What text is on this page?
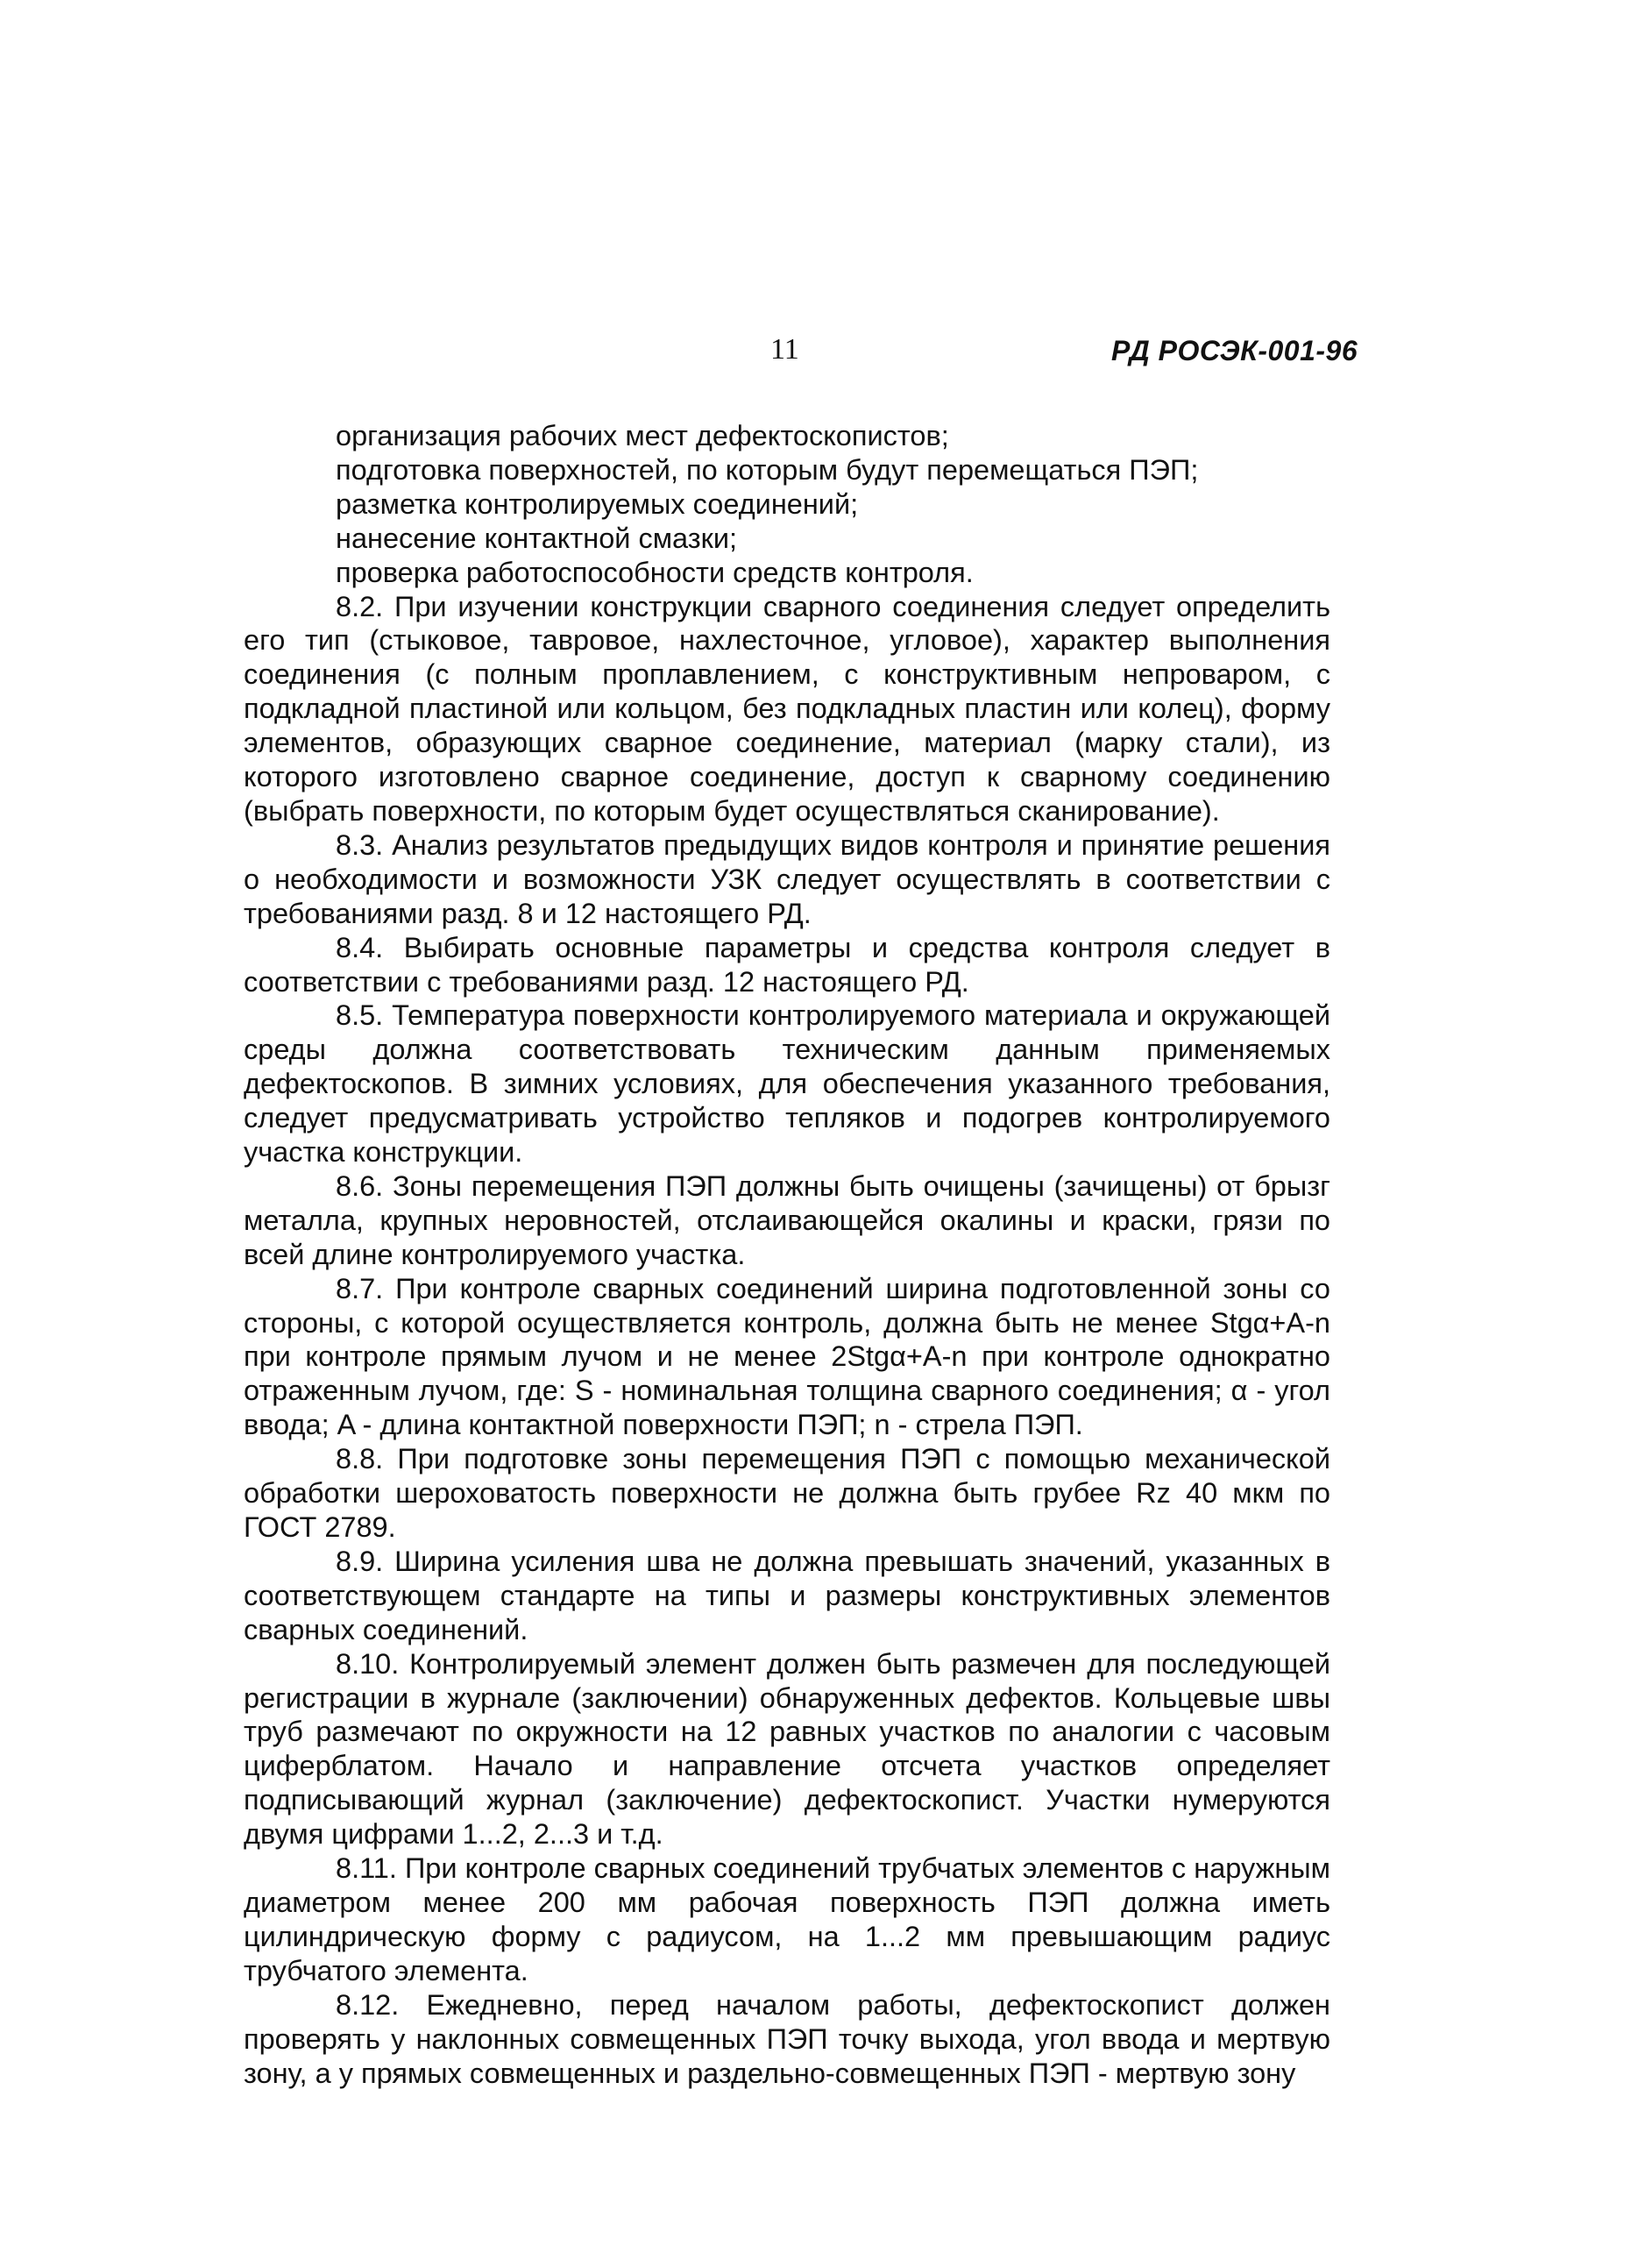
11	РД РОСЭК-001-96
организация рабочих мест дефектоскопистов;
подготовка поверхностей, по которым будут перемещаться ПЭП;
разметка контролируемых соединений;
нанесение контактной смазки;
проверка работоспособности средств контроля.

8.2. При изучении конструкции сварного соединения следует определить его тип (стыковое, тавровое, нахлесточное, угловое), характер выполнения соединения (с полным проплавлением, с конструктивным непроваром, с подкладной пластиной или кольцом, без подкладных пластин или колец), форму элементов, образующих сварное соединение, материал (марку стали), из которого изготовлено сварное соединение, доступ к сварному соединению (выбрать поверхности, по которым будет осуществляться сканирование).

8.3. Анализ результатов предыдущих видов контроля и принятие решения о необходимости и возможности УЗК следует осуществлять в соответствии с требованиями разд. 8 и 12 настоящего РД.

8.4. Выбирать основные параметры и средства контроля следует в соответствии с требованиями разд. 12 настоящего РД.

8.5. Температура поверхности контролируемого материала и окружающей среды должна соответствовать техническим данным применяемых дефектоскопов. В зимних условиях, для обеспечения указанного требования, следует предусматривать устройство тепляков и подогрев контролируемого участка конструкции.

8.6. Зоны перемещения ПЭП должны быть очищены (зачищены) от брызг металла, крупных неровностей, отслаивающейся окалины и краски, грязи по всей длине контролируемого участка.

8.7. При контроле сварных соединений ширина подготовленной зоны со стороны, с которой осуществляется контроль, должна быть не менее Stgα+A-n при контроле прямым лучом и не менее 2Stgα+A-n при контроле однократно отраженным лучом, где: S - номинальная толщина сварного соединения; α - угол ввода; A - длина контактной поверхности ПЭП; n - стрела ПЭП.

8.8. При подготовке зоны перемещения ПЭП с помощью механической обработки шероховатость поверхности не должна быть грубее Rz 40 мкм по ГОСТ 2789.

8.9. Ширина усиления шва не должна превышать значений, указанных в соответствующем стандарте на типы и размеры конструктивных элементов сварных соединений.

8.10. Контролируемый элемент должен быть размечен для последующей регистрации в журнале (заключении) обнаруженных дефектов. Кольцевые швы труб размечают по окружности на 12 равных участков по аналогии с часовым циферблатом. Начало и направление отсчета участков определяет подписывающий журнал (заключение) дефектоскопист. Участки нумеруются двумя цифрами 1...2, 2...3 и т.д.

8.11. При контроле сварных соединений трубчатых элементов с наружным диаметром менее 200 мм рабочая поверхность ПЭП должна иметь цилиндрическую форму с радиусом, на 1...2 мм превышающим радиус трубчатого элемента.

8.12. Ежедневно, перед началом работы, дефектоскопист должен проверять у наклонных совмещенных ПЭП точку выхода, угол ввода и мертвую зону, а у прямых совмещенных и раздельно-совмещенных ПЭП - мертвую зону
